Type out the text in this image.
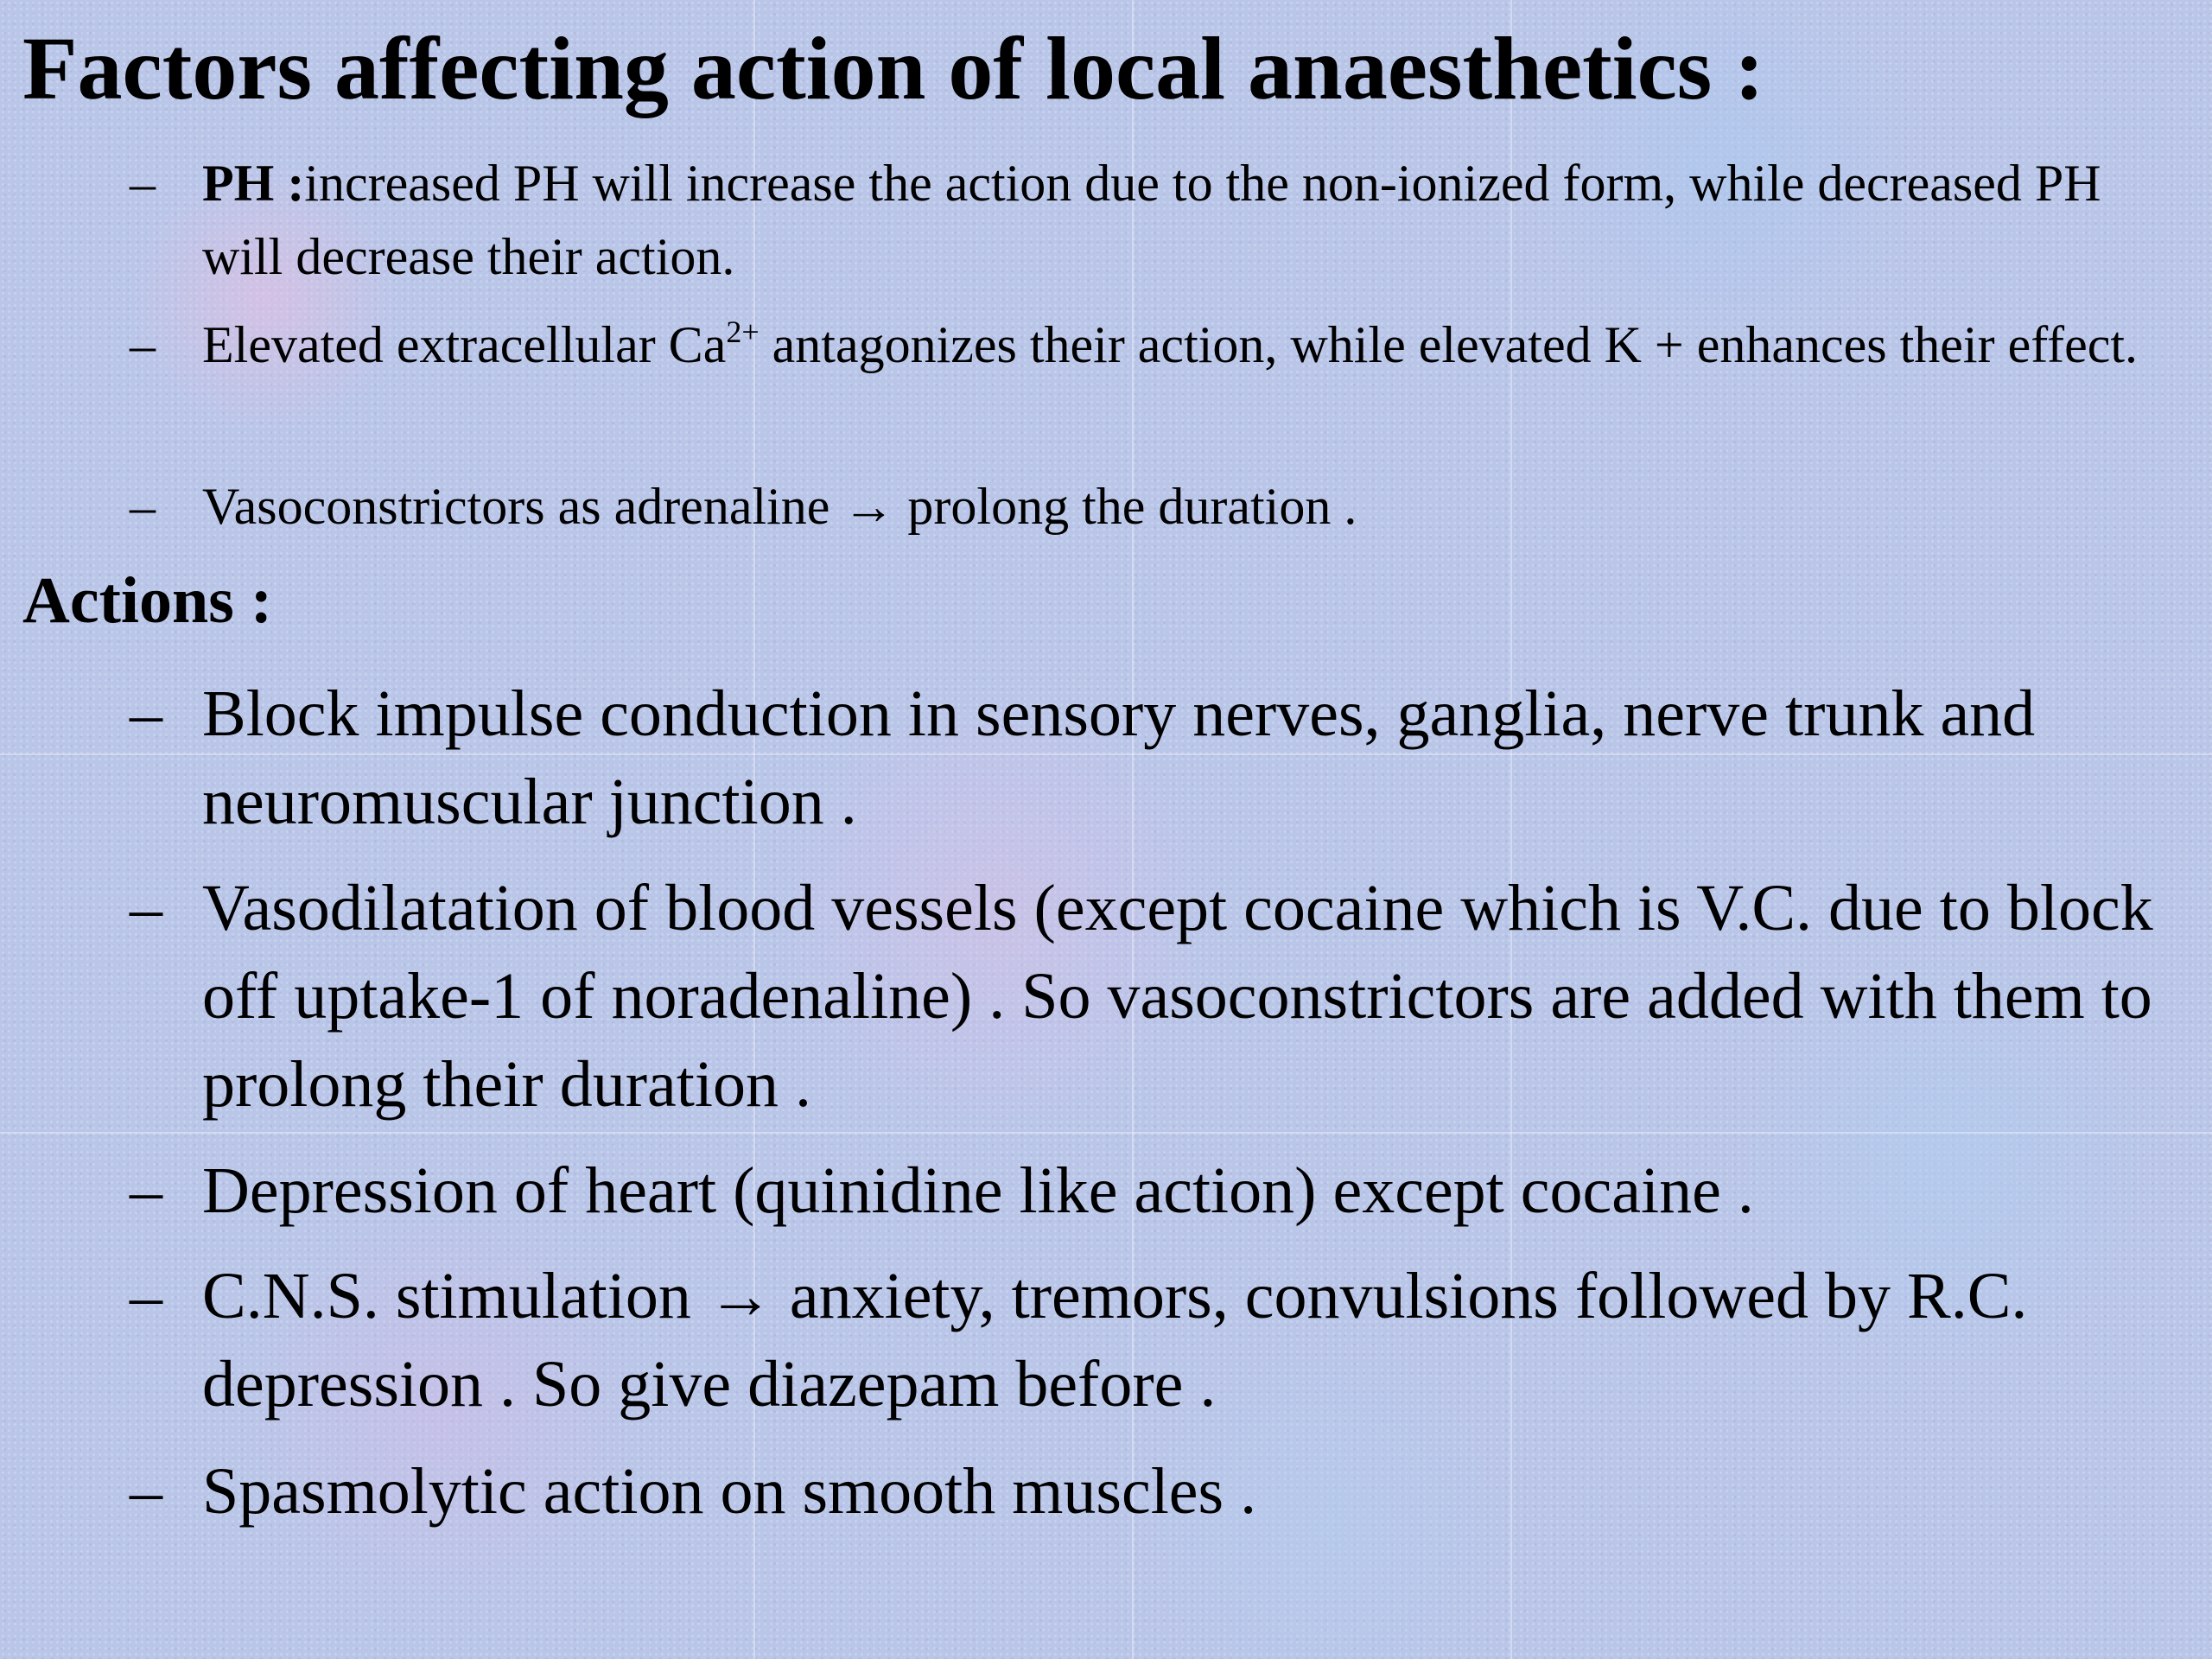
Factors affecting action of local anaesthetics :
– PH :increased PH will increase the action due to the non-ionized form, while decreased PH will decrease their action.
– Elevated extracellular $Ca^{2+}$ antagonizes their action, while elevated K + enhances their effect.
– Vasoconstrictors as adrenaline → prolong the duration .
Actions :
– Block impulse conduction in sensory nerves, ganglia, nerve trunk and neuromuscular junction .
– Vasodilatation of blood vessels (except cocaine which is V.C. due to block off uptake-1 of noradenaline) . So vasoconstrictors are added with them to prolong their duration .
– Depression of heart (quinidine like action) except cocaine .
– C.N.S. stimulation → anxiety, tremors, convulsions followed by R.C. depression . So give diazepam before .
– Spasmolytic action on smooth muscles .
